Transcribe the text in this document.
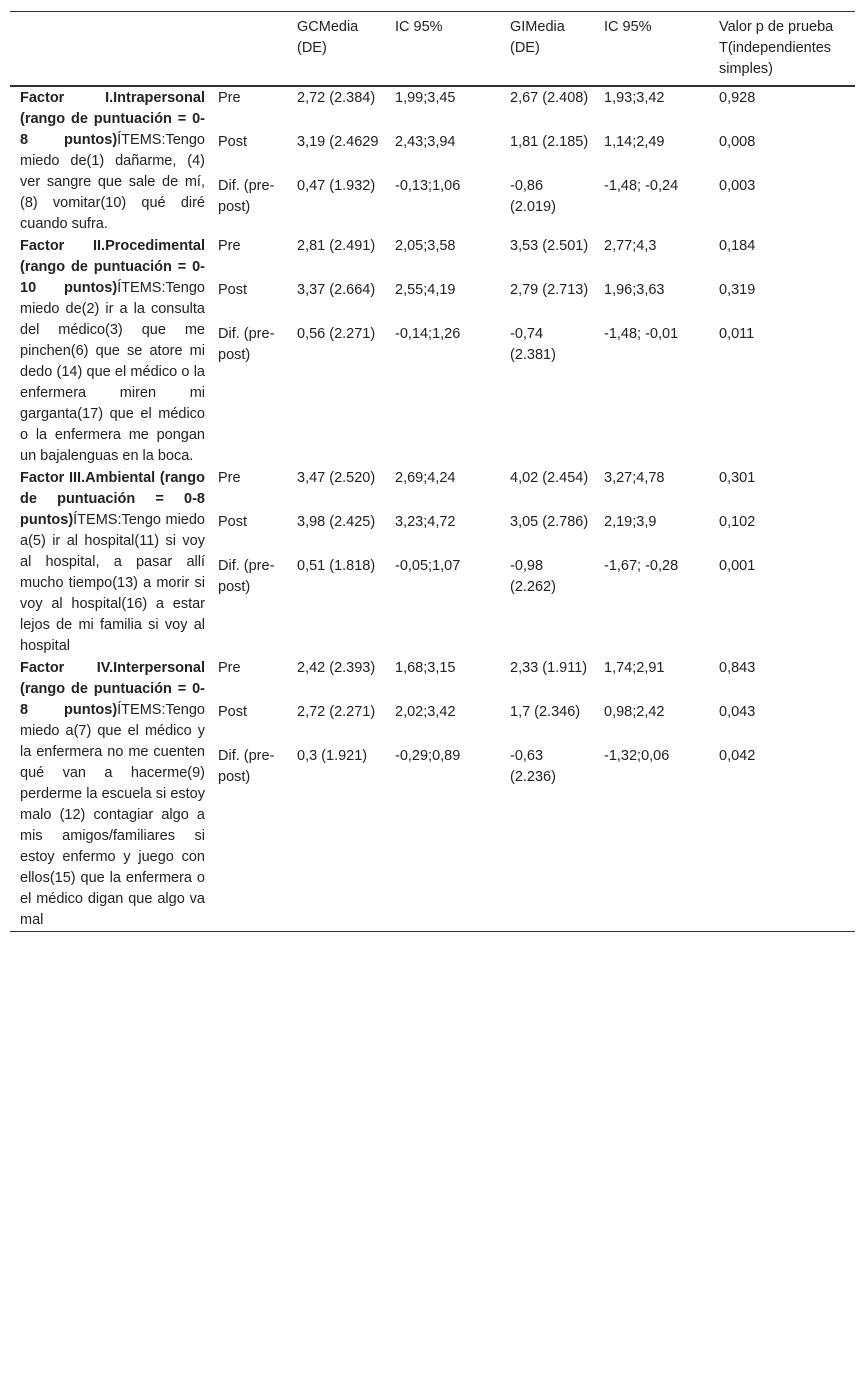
		GCMedia (DE)	IC 95%	GIMedia (DE)	IC 95%	Valor p de prueba T(independientes simples)
Factor I.Intrapersonal (rango de puntuación = 0-8 puntos)ÍTEMS:Tengo miedo de(1) dañarme, (4) ver sangre que sale de mí,(8) vomitar(10) qué diré cuando sufra.	Pre	2,72 (2.384)	1,99;3,45	2,67 (2.408)	1,93;3,42	0,928
	Post	3,19 (2.4629	2,43;3,94	1,81 (2.185)	1,14;2,49	0,008
	Dif. (pre-post)	0,47 (1.932)	-0,13;1,06	-0,86 (2.019)	-1,48; -0,24	0,003
Factor II.Procedimental (rango de puntuación = 0-10 puntos)ÍTEMS:Tengo miedo de(2) ir a la consulta del médico(3) que me pinchen(6) que se atore mi dedo (14) que el médico o la enfermera miren mi garganta(17) que el médico o la enfermera me pongan un bajalenguas en la boca.	Pre	2,81 (2.491)	2,05;3,58	3,53 (2.501)	2,77;4,3	0,184
	Post	3,37 (2.664)	2,55;4,19	2,79 (2.713)	1,96;3,63	0,319
	Dif. (pre-post)	0,56 (2.271)	-0,14;1,26	-0,74 (2.381)	-1,48; -0,01	0,011
Factor III.Ambiental (rango de puntuación = 0-8 puntos)ÍTEMS:Tengo miedo a(5) ir al hospital(11) si voy al hospital, a pasar allí mucho tiempo(13) a morir si voy al hospital(16) a estar lejos de mi familia si voy al hospital	Pre	3,47 (2.520)	2,69;4,24	4,02 (2.454)	3,27;4,78	0,301
	Post	3,98 (2.425)	3,23;4,72	3,05 (2.786)	2,19;3,9	0,102
	Dif. (pre-post)	0,51 (1.818)	-0,05;1,07	-0,98 (2.262)	-1,67; -0,28	0,001
Factor IV.Interpersonal (rango de puntuación = 0-8 puntos)ÍTEMS:Tengo miedo a(7) que el médico y la enfermera no me cuenten qué van a hacerme(9) perderme la escuela si estoy malo (12) contagiar algo a mis amigos/familiares si estoy enfermo y juego con ellos(15) que la enfermera o el médico digan que algo va mal	Pre	2,42 (2.393)	1,68;3,15	2,33 (1.911)	1,74;2,91	0,843
	Post	2,72 (2.271)	2,02;3,42	1,7 (2.346)	0,98;2,42	0,043
	Dif. (pre-post)	0,3 (1.921)	-0,29;0,89	-0,63 (2.236)	-1,32;0,06	0,042
